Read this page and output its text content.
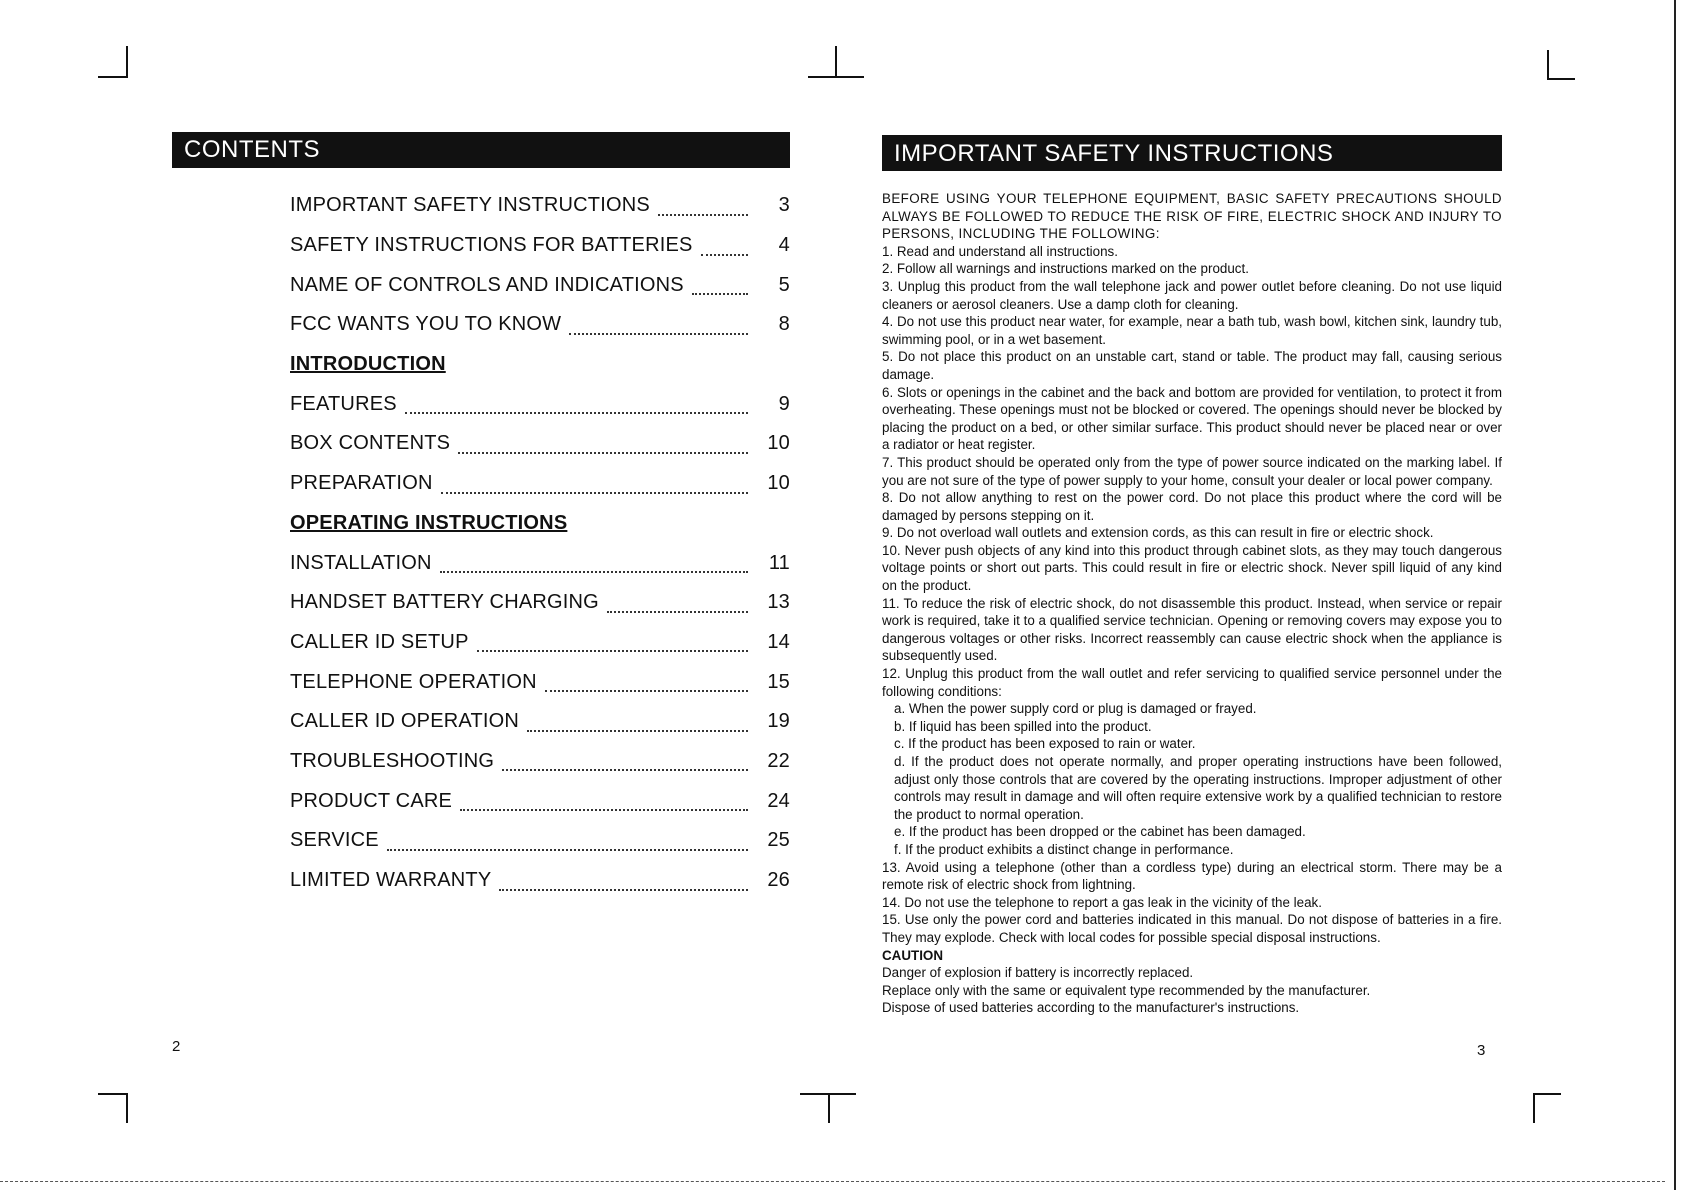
CONTENTS
IMPORTANT SAFETY INSTRUCTIONS	3
SAFETY INSTRUCTIONS FOR BATTERIES	4
NAME OF CONTROLS AND INDICATIONS	5
FCC WANTS YOU TO KNOW	8
INTRODUCTION
FEATURES	9
BOX CONTENTS	10
PREPARATION	10
OPERATING INSTRUCTIONS
INSTALLATION	11
HANDSET BATTERY CHARGING	13
CALLER ID SETUP	14
TELEPHONE OPERATION	15
CALLER ID OPERATION	19
TROUBLESHOOTING	22
PRODUCT CARE	24
SERVICE	25
LIMITED WARRANTY	26
2
IMPORTANT SAFETY INSTRUCTIONS

BEFORE USING YOUR TELEPHONE EQUIPMENT, BASIC SAFETY PRECAUTIONS SHOULD ALWAYS BE FOLLOWED TO REDUCE THE RISK OF FIRE, ELECTRIC SHOCK AND INJURY TO PERSONS, INCLUDING THE FOLLOWING:

1. Read and understand all instructions.

2. Follow all warnings and instructions marked on the product.

3. Unplug this product from the wall telephone jack and power outlet before cleaning. Do not use liquid cleaners or aerosol cleaners. Use a damp cloth for cleaning.

4. Do not use this product near water, for example, near a bath tub, wash bowl, kitchen sink, laundry tub, swimming pool, or in a wet basement.

5. Do not place this product on an unstable cart, stand or table. The product may fall, causing serious damage.

6. Slots or openings in the cabinet and the back and bottom are provided for ventilation, to protect it from overheating. These openings must not be blocked or covered. The openings should never be blocked by placing the product on a bed, or other similar surface. This product should never be placed near or over a radiator or heat register.

7. This product should be operated only from the type of power source indicated on the marking label. If you are not sure of the type of power supply to your home, consult your dealer or local power company.

8. Do not allow anything to rest on the power cord. Do not place this product where the cord will be damaged by persons stepping on it.

9. Do not overload wall outlets and extension cords, as this can result in fire or electric shock.

10. Never push objects of any kind into this product through cabinet slots, as they may touch dangerous voltage points or short out parts. This could result in fire or electric shock. Never spill liquid of any kind on the product.

11. To reduce the risk of electric shock, do not disassemble this product. Instead, when service or repair work is required, take it to a qualified service technician. Opening or removing covers may expose you to dangerous voltages or other risks. Incorrect reassembly can cause electric shock when the appliance is subsequently used.

12. Unplug this product from the wall outlet and refer servicing to qualified service personnel under the following conditions:

a. When the power supply cord or plug is damaged or frayed.

b. If liquid has been spilled into the product.

c. If the product has been exposed to rain or water.

d. If the product does not operate normally, and proper operating instructions have been followed, adjust only those controls that are covered by the operating instructions. Improper adjustment of other controls may result in damage and will often require extensive work by a qualified technician to restore the product to normal operation.

e. If the product has been dropped or the cabinet has been damaged.

f. If the product exhibits a distinct change in performance.

13. Avoid using a telephone (other than a cordless type) during an electrical storm. There may be a remote risk of electric shock from lightning.

14. Do not use the telephone to report a gas leak in the vicinity of the leak.

15. Use only the power cord and batteries indicated in this manual. Do not dispose of batteries in a fire. They may explode. Check with local codes for possible special disposal instructions.

CAUTION

Danger of explosion if battery is incorrectly replaced.

Replace only with the same or equivalent type recommended by the manufacturer.

Dispose of used batteries according to the manufacturer's instructions.

3
